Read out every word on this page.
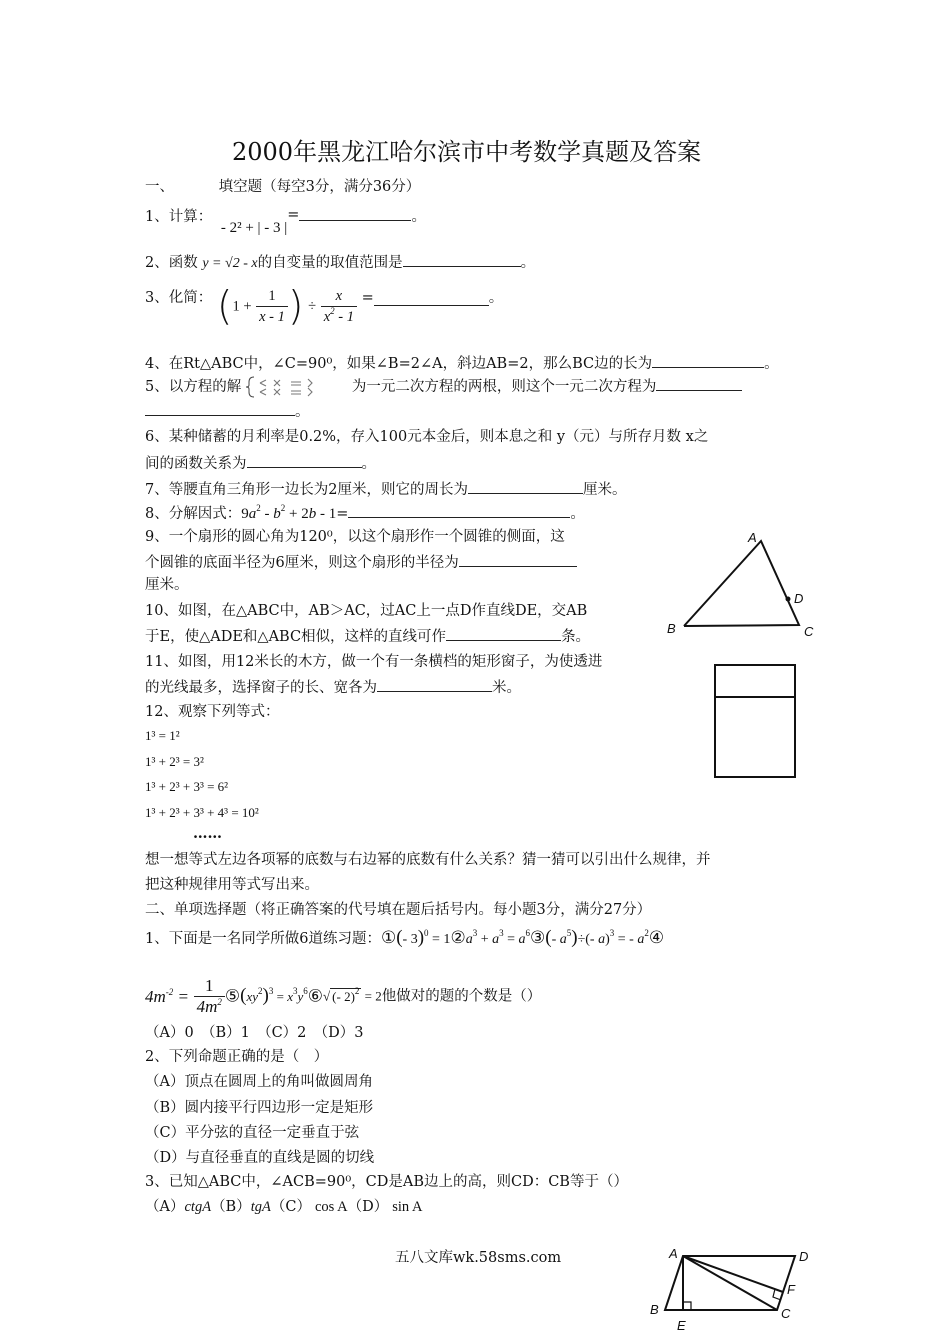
2000年黑龙江哈尔滨市中考数学真题及答案
一、	填空题（每空3分，满分36分）
1、计算： - 2² + | - 3 |=	。
2、函数 y = √2 - x的自变量的取值范围是	。
3、化简： ($1 + \frac{1}{x - 1}$ ) ÷ $\frac{x}{x^2 - 1}$ =	。
4、在Rt△ABC中，∠C=90⁰，如果∠B=2∠A，斜边AB=2，那么BC边的长为	。
5、以方程的解	为一元二次方程的两根，则这个一元二次方程为
。
6、某种储蓄的月利率是0.2%，存入100元本金后，则本息之和 y（元）与所存月数 x之
间的函数关系为	。
7、等腰直角三角形一边长为2厘米，则它的周长为	厘米。
8、分解因式：$9a^2 - b^2 + 2b - 1=$	。
9、一个扇形的圆心角为120⁰，以这个扇形作一个圆锥的侧面，这
个圆锥的底面半径为6厘米，则这个扇形的半径为
厘米。
A
B	C
D
10、如图，在△ABC中，AB＞AC，过AC上一点D作直线DE，交AB
于E，使△ADE和△ABC相似，这样的直线可作	条。
11、如图，用12米长的木方，做一个有一条横档的矩形窗子，为使透进
的光线最多，选择窗子的长、宽各为	米。
12、观察下列等式：
1³ = 1²
1³ + 2³ = 3²
1³ + 2³ + 3³ = 6²
1³ + 2³ + 3³ + 4³ = 10²
……
想一想等式左边各项幂的底数与右边幂的底数有什么关系？猜一猜可以引出什么规律，并
把这种规律用等式写出来。
二、单项选择题（将正确答案的代号填在题后括号内。每小题3分，满分27分）
1、下面是一名同学所做6道练习题：①(- $3)^0 = 1②a^3 + a^3$ = $a^6③(-$ $a^5)\div(-$ a)$^3$ = - $a^2④$
$4m^{-2} = \frac{1}{4m^2}$ $⑤(xy^2)^3$ = $x^3y^6⑥√$ (- 2)$^2$ = 2他做对的题的个数是（）
（A）0　（B）1　（C）2　（D）3
2、下列命题正确的是（　）
（A）顶点在圆周上的角叫做圆周角
（B）圆内接平行四边形一定是矩形
（C）平分弦的直径一定垂直于弦
（D）与直径垂直的直线是圆的切线
3、已知△ABC中，∠ACB=90⁰，CD是AB边上的高，则CD：CB等于（）
（A）ctgA（B）tgA（C） cos A（D） sin A
五八文库wk.58sms.com	A	D
F
B
E
C
